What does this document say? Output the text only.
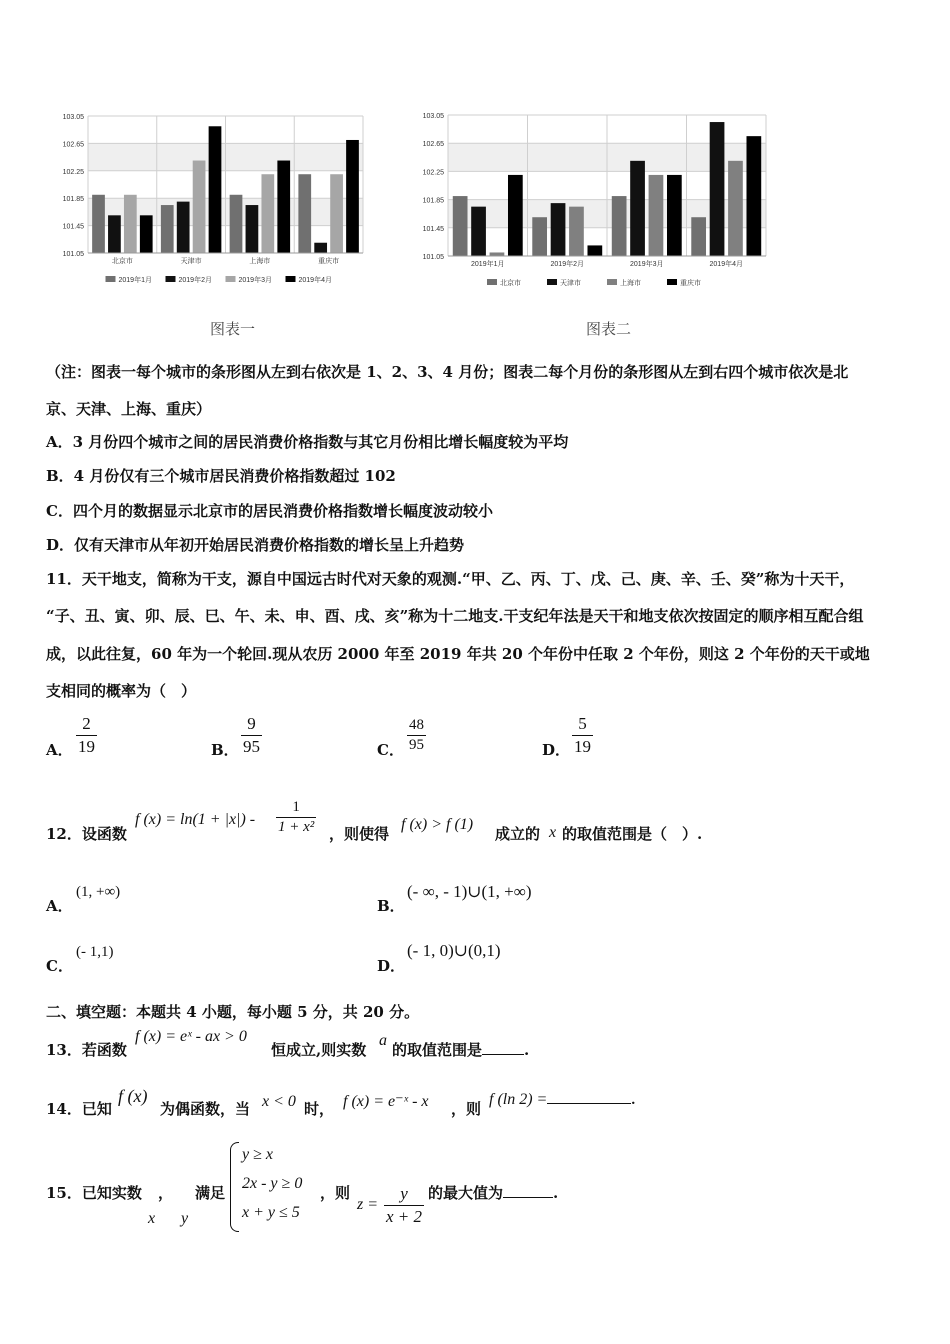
101.05
101.45
101.85
102.25
102.65
103.05
北京市	天津市	上海市	重庆市
2019年1月	2019年2月	2019年3月	2019年4月
101.05
101.45
101.85
102.25
102.65
103.05
2019年1月	2019年2月	2019年3月	2019年4月
北京市	天津市	上海市	重庆市
图表一	图表二
（注：图表一每个城市的条形图从左到右依次是 1、2、3、4 月份；图表二每个月份的条形图从左到右四个城市依次是北
京、天津、上海、重庆）
A．3 月份四个城市之间的居民消费价格指数与其它月份相比增长幅度较为平均
B．4 月份仅有三个城市居民消费价格指数超过 102
C．四个月的数据显示北京市的居民消费价格指数增长幅度波动较小
D．仅有天津市从年初开始居民消费价格指数的增长呈上升趋势
11．天干地支，简称为干支，源自中国远古时代对天象的观测.“甲、乙、丙、丁、戊、己、庚、辛、壬、癸”称为十天干，
“子、丑、寅、卯、辰、巳、午、未、申、酉、戌、亥”称为十二地支.干支纪年法是天干和地支依次按固定的顺序相互配合组
成，以此往复，60 年为一个轮回.现从农历 2000 年至 2019 年共 20 个年份中任取 2 个年份，则这 2 个年份的天干或地
支相同的概率为（　）
A．
2
19	B．
9
95	C．
48
95	D．
5
19
12．设函数
f (x) = ln(1 + |x|) -
1
1 + x² ，则使得
f (x) > f (1)
成立的 x 的取值范围是（　）.
A．
(1, +∞)
B．
(- ∞, - 1)∪(1, +∞)
C．
(- 1,1)
D．
(- 1, 0)∪(0,1)
二、填空题：本题共 4 小题，每小题 5 分，共 20 分。
13．若函数
f (x) = eˣ - ax > 0
恒成立,则实数
a
的取值范围是	.
14．已知
f (x)
为偶函数，当 x < 0 时， f (x) = e⁻ˣ - x ，则
f (ln 2) =	.
15．已知实数 ， 满足
x y
y ≥ x
2x - y ≥ 0
x + y ≤ 5
，则
z =
y
x + 2
的最大值为	.
